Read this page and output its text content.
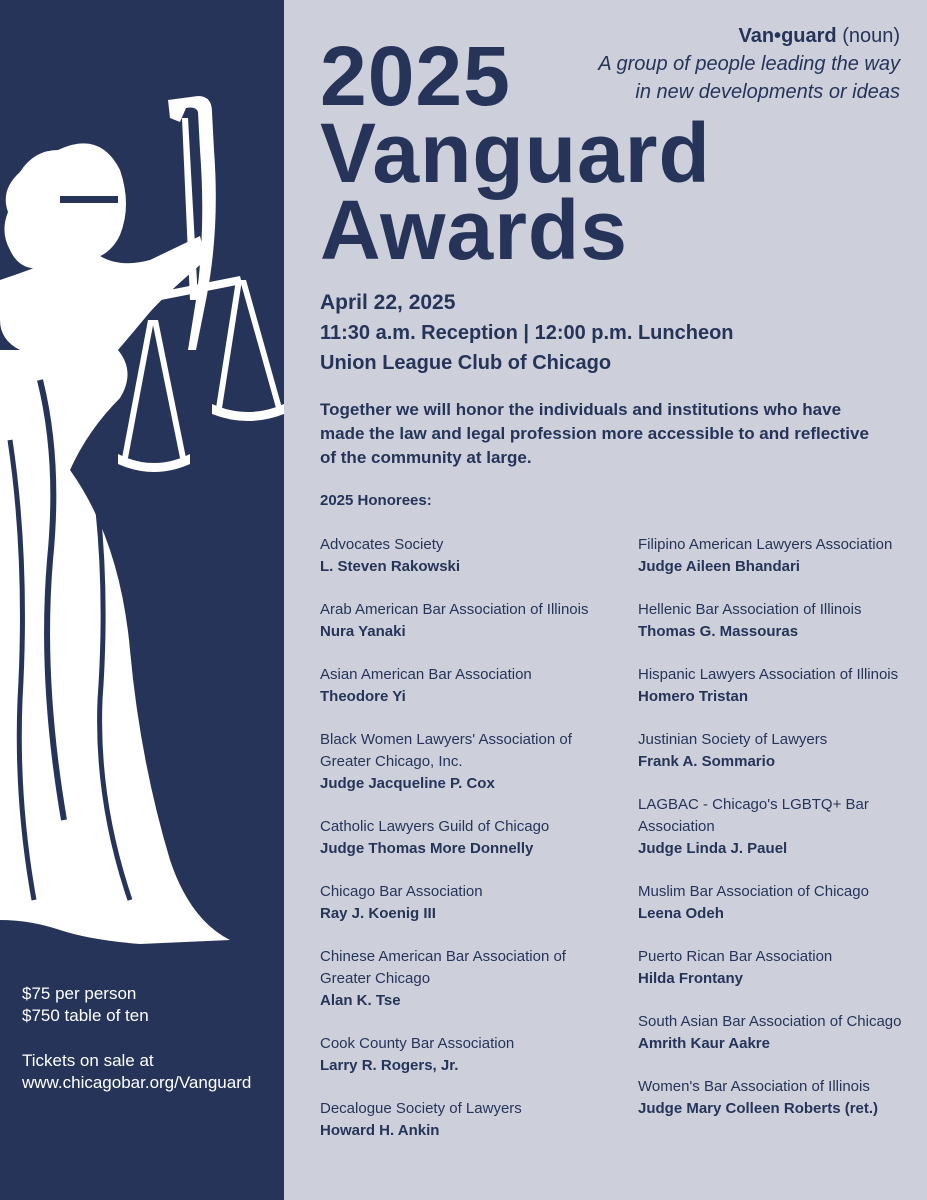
$75 per person

$750 table of ten

Tickets on sale at

www.chicagobar.org/Vanguard

Van•guard (noun)
A group of people leading the way
in new developments or ideas
2025
Vanguard
Awards

April 22, 2025

11:30 a.m. Reception | 12:00 p.m. Luncheon

Union League Club of Chicago

Together we will honor the individuals and institutions who have made the law and legal profession more accessible to and reflective of the community at large.

2025 Honorees:
Advocates Society
L. Steven Rakowski
Arab American Bar Association of Illinois
Nura Yanaki
Asian American Bar Association
Theodore Yi
Black Women Lawyers' Association of Greater Chicago, Inc.
Judge Jacqueline P. Cox
Catholic Lawyers Guild of Chicago
Judge Thomas More Donnelly
Chicago Bar Association
Ray J. Koenig III
Chinese American Bar Association of Greater Chicago
Alan K. Tse
Cook County Bar Association
Larry R. Rogers, Jr.
Decalogue Society of Lawyers
Howard H. Ankin
Filipino American Lawyers Association
Judge Aileen Bhandari
Hellenic Bar Association of Illinois
Thomas G. Massouras
Hispanic Lawyers Association of Illinois
Homero Tristan
Justinian Society of Lawyers
Frank A. Sommario
LAGBAC - Chicago's LGBTQ+ Bar Association
Judge Linda J. Pauel
Muslim Bar Association of Chicago
Leena Odeh
Puerto Rican Bar Association
Hilda Frontany
South Asian Bar Association of Chicago
Amrith Kaur Aakre
Women's Bar Association of Illinois
Judge Mary Colleen Roberts (ret.)
